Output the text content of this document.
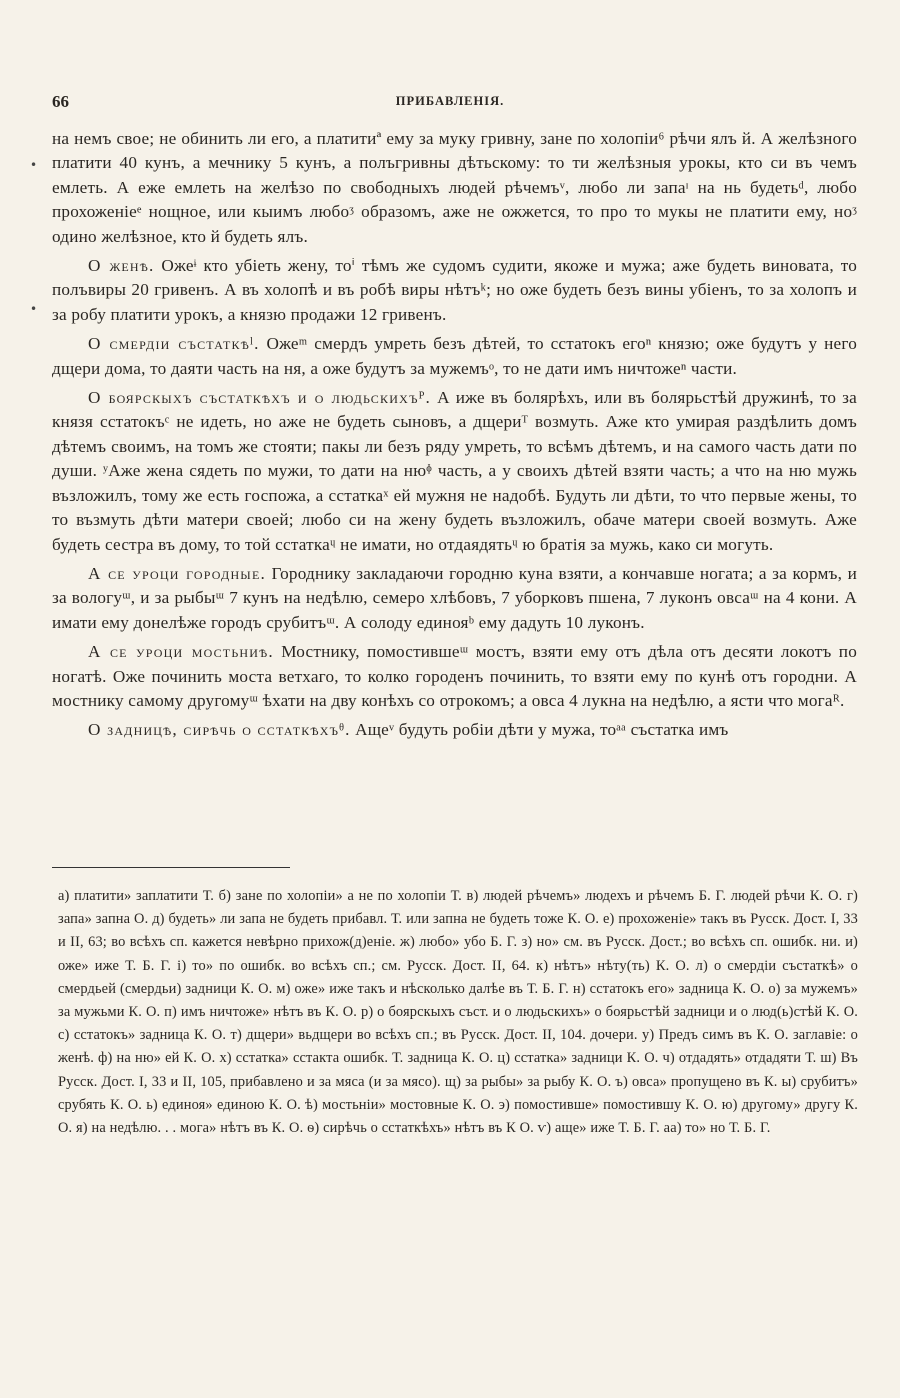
66	ПРИБАВЛЕНІЯ.
•
•

на немъ свое; не обинить ли его, а платитиª ему за муку гривну, зане по холопіи⁶ рѣчи ялъ й. А желѣзного платити 40 кунъ, а мечнику 5 кунъ, а полъгривны дѣтьскому: то ти желѣзныя урокы, кто си въ чемъ емлеть. А еже емлеть на желѣзо по свободныхъ людей рѣчемъᵛ, любо ли запаᶦ на нь будетьᵈ, любо прохоженіеᵉ нощное, или кыимъ любоᶾ образомъ, аже не ожжется, то про то мукы не платити ему, ноᶾ одино желѣзное, кто й будеть ялъ.

О женѣ. Ожеᶤ кто убіеть жену, тоⁱ тѣмъ же судомъ судити, якоже и мужа; аже будеть виновата, то полъвиры 20 гривенъ. А въ холопѣ и въ робѣ виры нѣтъᵏ; но оже будеть безъ вины убіенъ, то за холопъ и за робу платити урокъ, а князю продажи 12 гривенъ.

О смердіи състаткѣˡ. Ожеᵐ смердъ умреть безъ дѣтей, то сстатокъ егоⁿ князю; оже будутъ у него дщери дома, то даяти часть на ня, а оже будутъ за мужемъᵒ, то не дати имъ ничтожеⁿ части.

О боярскыхъ състаткѣхъ и о людьскихъᴾ. А иже въ болярѣхъ, или въ болярьстѣй дружинѣ, то за князя сстатокъᶜ не идеть, но аже не будеть сыновъ, а дщериᵀ возмуть. Аже кто умирая раздѣлить домъ дѣтемъ своимъ, на томъ же стояти; пакы ли безъ ряду умреть, то всѣмъ дѣтемъ, и на самого часть дати по души. ʸАже жена сядеть по мужи, то дати на нюᶲ часть, а у своихъ дѣтей взяти часть; а что на ню мужь възложилъ, тому же есть госпожа, а сстаткаˣ ей мужня не надобѣ. Будуть ли дѣти, то что первые жены, то то възмуть дѣти матери своей; любо си на жену будеть възложилъ, обаче матери своей возмуть. Аже будеть сестра въ дому, то той сстаткаᶣ не имати, но отдаядятьᶣ ю братія за мужь, како си могуть.

А се уроци городные. Городнику закладаючи городню куна взяти, а кончавше ногата; а за кормъ, и за вологуᵚ, и за рыбыᵚ 7 кунъ на недѣлю, семеро хлѣбовъ, 7 уборковъ пшена, 7 луконъ овсаᵚ на 4 кони. А имати ему донелѣже городъ срубитъᵚ. А солоду единояᵇ ему дадуть 10 луконъ.

А се уроци мостьниѣ. Мостнику, помостившеᵚ мостъ, взяти ему отъ дѣла отъ десяти локотъ по ногатѣ. Оже починить моста ветхаго, то колко городенъ починить, то взяти ему по кунѣ отъ городни. А мостнику самому другомуᵚ ѣхати на дву конѣхъ со отрокомъ; а овса 4 лукна на недѣлю, а ясти что могаᴿ.

О задницѣ, сирѣчь о сстаткѣхъᶿ. Ащеᵛ будуть робіи дѣти у мужа, тоᵃᵃ състатка имъ

а) платити» заплатити Т. б) зане по холопіи» а не по холопіи Т. в) людей рѣчемъ» людехъ и рѣчемъ Б. Г. людей рѣчи К. О. г) запа» запна О. д) будеть» ли запа не будеть прибавл. Т. или запна не будеть тоже К. О. е) прохоженіе» такъ въ Русск. Дост. I, 33 и II, 63; во всѣхъ сп. кажется невѣрно прихож(д)еніе. ж) любо» убо Б. Г. з) но» см. въ Русск. Дост.; во всѣхъ сп. ошибк. ни. и) оже» иже Т. Б. Г. і) то» по ошибк. во всѣхъ сп.; см. Русск. Дост. II, 64. к) нѣтъ» нѣту(ть) К. О. л) о смердіи състаткѣ» о смердьей (смердьи) задници К. О. м) оже» иже такъ и нѣсколько далѣе въ Т. Б. Г. н) сстатокъ его» задница К. О. о) за мужемъ» за мужьми К. О. п) имъ ничтоже» нѣтъ въ К. О. р) о боярскыхъ съст. и о людьскихъ» о боярьстѣй задници и о люд(ь)стѣй К. О. с) сстатокъ» задница К. О. т) дщери» вьдщери во всѣхъ сп.; въ Русск. Дост. II, 104. дочери. у) Предъ симъ въ К. О. заглавіе: о женѣ. ф) на ню» ей К. О. х) сстатка» сстакта ошибк. Т. задница К. О. ц) сстатка» задници К. О. ч) отдадять» отдадяти Т. ш) Въ Русск. Дост. I, 33 и II, 105, прибавлено и за мяса (и за мясо). щ) за рыбы» за рыбу К. О. ъ) овса» пропущено въ К. ы) срубитъ» срубять К. О. ь) единоя» единою К. О. ѣ) мостьніи» мостовные К. О. э) помостивше» помостившу К. О. ю) другому» другу К. О. я) на недѣлю. . . мога» нѣтъ въ К. О. ѳ) сирѣчь о сстаткѣхъ» нѣтъ въ К О. ѵ) аще» иже Т. Б. Г. аа) то» но Т. Б. Г.
